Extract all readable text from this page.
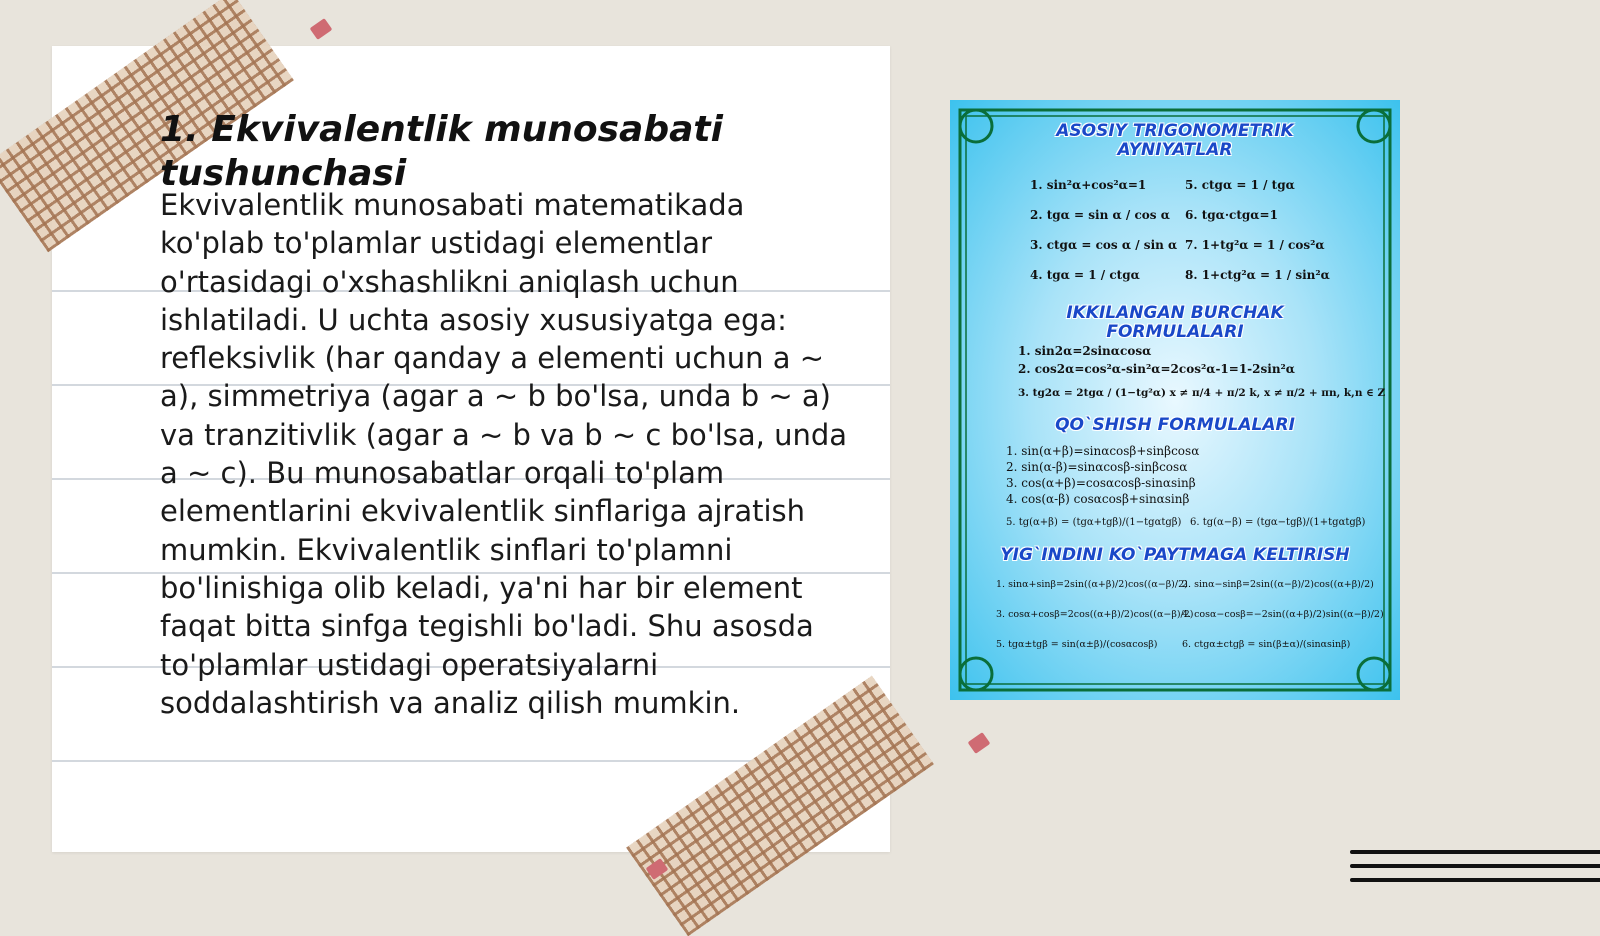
1. Ekvivalentlik munosabati tushunchasi

Ekvivalentlik munosabati matematikada ko'plab to'plamlar ustidagi elementlar o'rtasidagi o'xshashlikni aniqlash uchun ishlatiladi. U uchta asosiy xususiyatga ega: refleksivlik (har qanday a elementi uchun a ~ a), simmetriya (agar a ~ b bo'lsa, unda b ~ a) va tranzitivlik (agar a ~ b va b ~ c bo'lsa, unda a ~ c). Bu munosabatlar orqali to'plam elementlarini ekvivalentlik sinflariga ajratish mumkin. Ekvivalentlik sinflari to'plamni bo'linishiga olib keladi, ya'ni har bir element faqat bitta sinfga tegishli bo'ladi. Shu asosda to'plamlar ustidagi operatsiyalarni soddalashtirish va analiz qilish mumkin.

ASOSIY TRIGONOMETRIK AYNIYATLAR

1. sin²α+cos²α=1

2. tgα = sin α / cos α

3. ctgα = cos α / sin α

4. tgα = 1 / ctgα

5. ctgα = 1 / tgα

6. tgα·ctgα=1

7. 1+tg²α = 1 / cos²α

8. 1+ctg²α = 1 / sin²α

IKKILANGAN BURCHAK FORMULALARI

1. sin2α=2sinαcosα

2. cos2α=cos²α-sin²α=2cos²α-1=1-2sin²α

3. tg2α = 2tgα / (1−tg²α) x ≠ π/4 + π/2 k, x ≠ π/2 + πn, k,n ∈ Z

QO`SHISH FORMULALARI

1. sin(α+β)=sinαcosβ+sinβcosα

2. sin(α-β)=sinαcosβ-sinβcosα

3. cos(α+β)=cosαcosβ-sinαsinβ

4. cos(α-β) cosαcosβ+sinαsinβ

5. tg(α+β) = (tgα+tgβ)/(1−tgαtgβ) 6. tg(α−β) = (tgα−tgβ)/(1+tgαtgβ)

YIG`INDINI KO`PAYTMAGA KELTIRISH

1. sinα+sinβ=2sin((α+β)/2)cos((α−β)/2)

2. sinα−sinβ=2sin((α−β)/2)cos((α+β)/2)

3. cosα+cosβ=2cos((α+β)/2)cos((α−β)/2)

4. cosα−cosβ=−2sin((α+β)/2)sin((α−β)/2)

5. tgα±tgβ = sin(α±β)/(cosαcosβ)	6. ctgα±ctgβ = sin(β±α)/(sinαsinβ)
